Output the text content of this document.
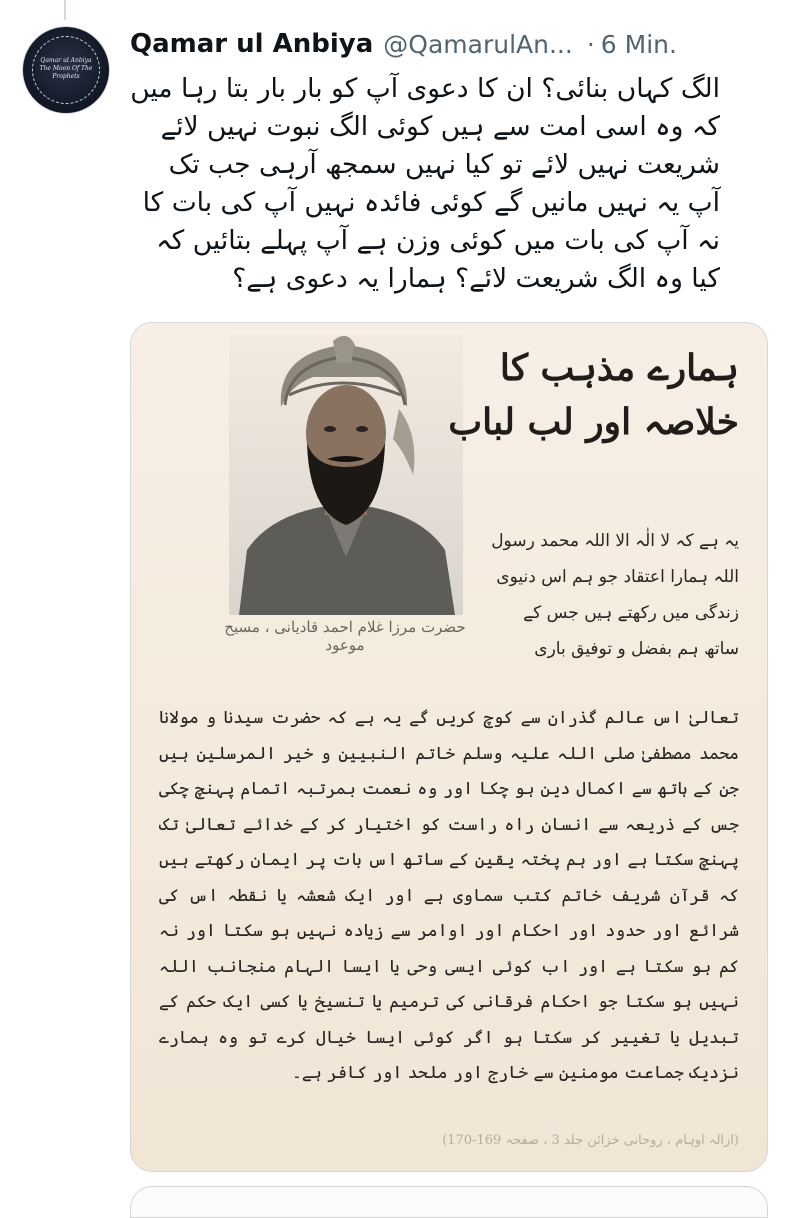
Qamar ul Anbiya
The Moon Of The
Prophets
Qamar ul Anbiya @QamarulAn... · 6 Min.
الگ کہاں بنائی؟ ان کا دعوی آپ کو بار بار بتا رہا میں کہ وہ اسی امت سے ہیں کوئی الگ نبوت نہیں لائے شریعت نہیں لائے تو کیا نہیں سمجھ آرہی جب تک آپ یہ نہیں مانیں گے کوئی فائدہ نہیں آپ کی بات کا نہ آپ کی بات میں کوئی وزن ہے آپ پہلے بتائیں کہ کیا وہ الگ شریعت لائے؟ ہمارا یہ دعوی ہے؟
ہمارے مذہب کا خلاصہ اور لب لباب
حضرت مرزا غلام احمد قادیانی ، مسیح موعود
یہ ہے کہ لا الٰہ الا اللہ محمد رسول اللہ ہمارا اعتقاد جو ہم اس دنیوی زندگی میں رکھتے ہیں جس کے ساتھ ہم بفضل و توفیق باری
تعالیٰ اس عالم گذران سے کوچ کریں گے یہ ہے کہ حضرت سیدنا و مولانا محمد مصطفیٰ صلی اللہ علیہ وسلم خاتم النبیین و خیر المرسلین ہیں جن کے ہاتھ سے اکمال دین ہو چکا اور وہ نعمت بمرتبہ اتمام پہنچ چکی جس کے ذریعہ سے انسان راہ راست کو اختیار کر کے خدائے تعالیٰ تک پہنچ سکتا ہے اور ہم پختہ یقین کے ساتھ اس بات پر ایمان رکھتے ہیں کہ قرآن شریف خاتم کتب سماوی ہے اور ایک شعشہ یا نقطہ اس کی شرائع اور حدود اور احکام اور اوامر سے زیادہ نہیں ہو سکتا اور نہ کم ہو سکتا ہے اور اب کوئی ایسی وحی یا ایسا الہام منجانب اللہ نہیں ہو سکتا جو احکام فرقانی کی ترمیم یا تنسیخ یا کسی ایک حکم کے تبدیل یا تغییر کر سکتا ہو اگر کوئی ایسا خیال کرے تو وہ ہمارے نزدیک جماعت مومنین سے خارج اور ملحد اور کافر ہے۔
(ازالہ اوہام ، روحانی خزائن جلد 3 ، صفحہ 169-170)
